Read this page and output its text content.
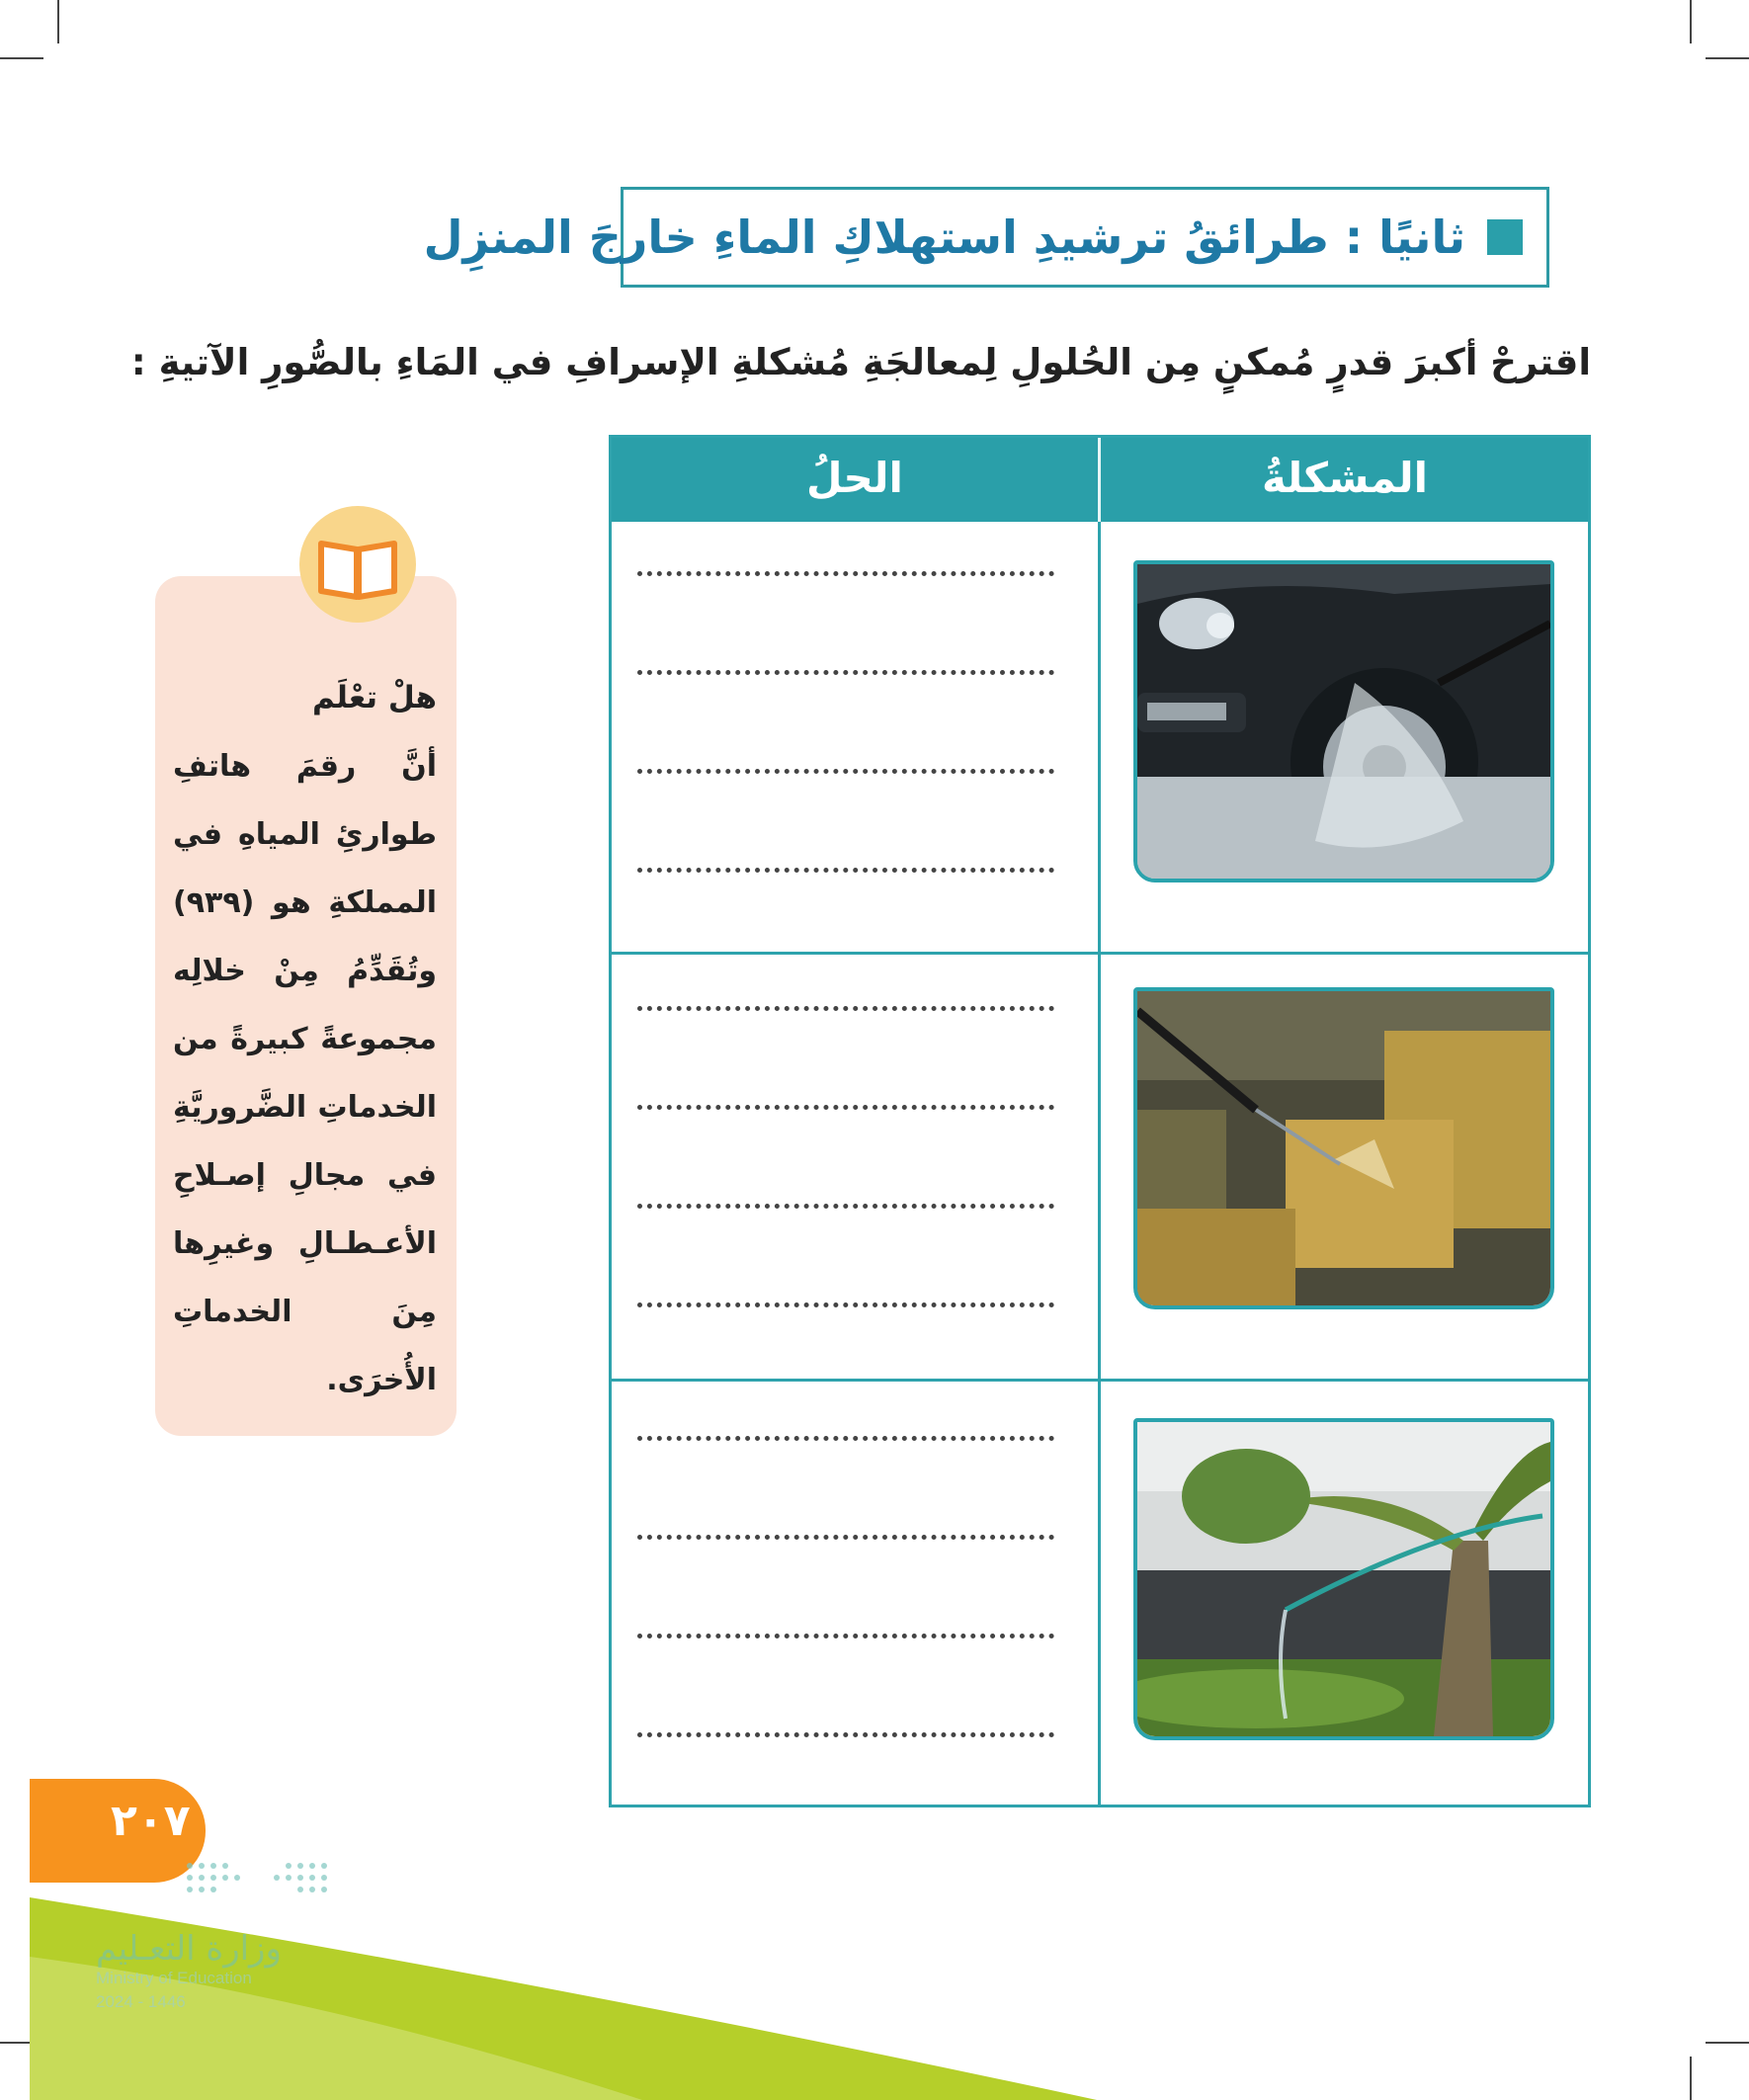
ثانيًا : طرائقُ ترشيدِ استهلاكِ الماءِ خارجَ المنزِل
اقترحْ أكبرَ قدرٍ مُمكنٍ مِن الحُلولِ لِمعالجَةِ مُشكلةِ الإسرافِ في المَاءِ بالصُّورِ الآتيةِ :
الحلُ	المشكلةُ
هلْ تعْلَم
أنَّ رقمَ هاتفِ طوارئِ المياهِ في المملكةِ هو (٩٣٩) وتُقَدِّمُ مِنْ خلالِه مجموعةً كبيرةً من الخدماتِ الضَّروريَّةِ في مجالِ إصـلاحِ الأعـطـالِ وغيرِها مِنَ الخدماتِ الأُخرَى.
٢٠٧
وزارة التعـليم
Ministry of Education
2024 - 1446
